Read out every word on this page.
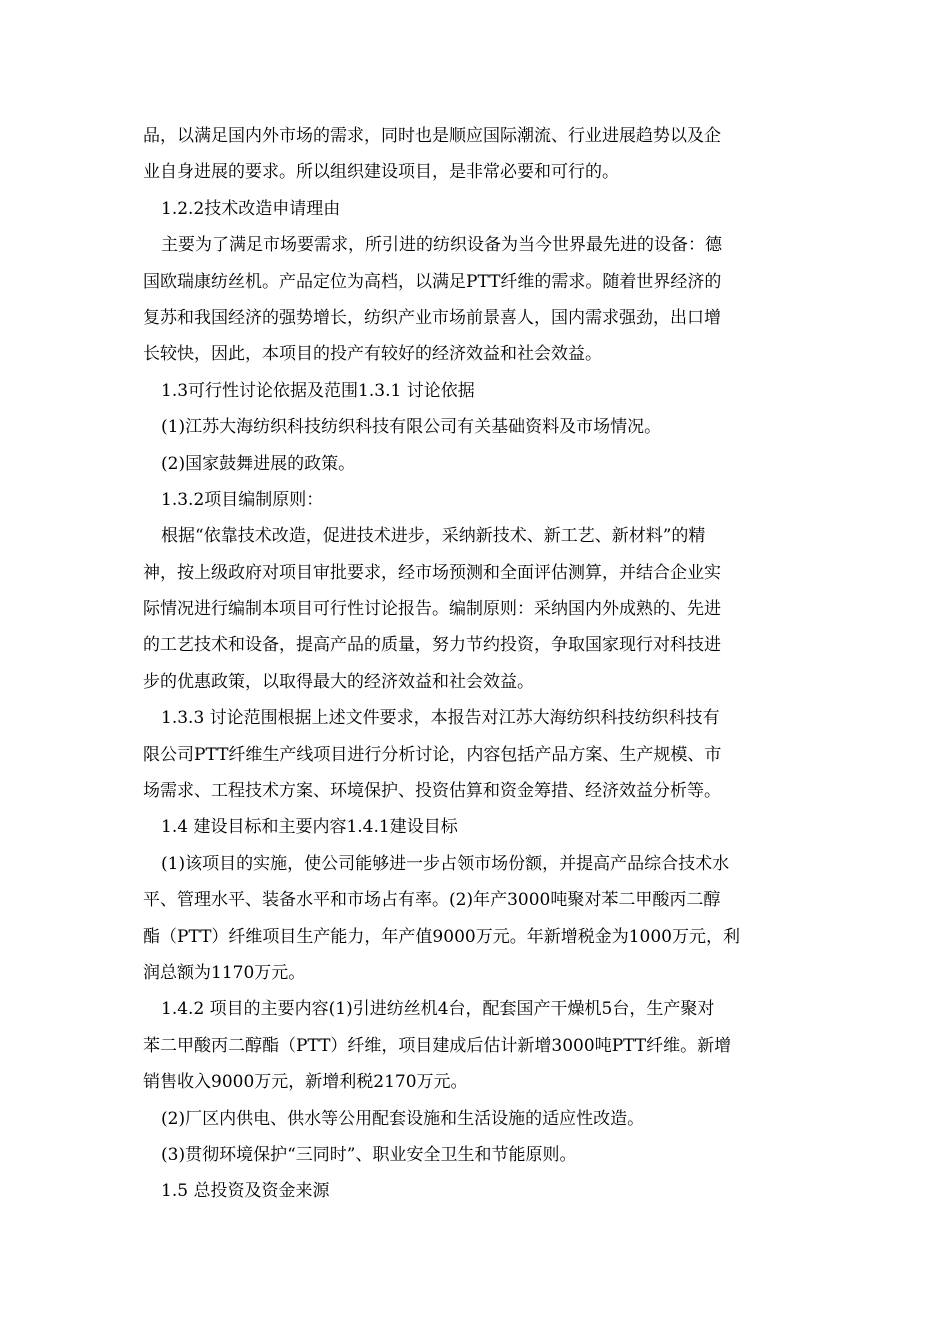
品，以满足国内外市场的需求，同时也是顺应国际潮流、行业进展趋势以及企
业自身进展的要求。所以组织建设项目，是非常必要和可行的。
1.2.2技术改造申请理由
主要为了满足市场要需求，所引进的纺织设备为当今世界最先进的设备：德
国欧瑞康纺丝机。产品定位为高档，以满足PTT纤维的需求。随着世界经济的
复苏和我国经济的强势增长，纺织产业市场前景喜人，国内需求强劲，出口增
长较快，因此，本项目的投产有较好的经济效益和社会效益。
1.3可行性讨论依据及范围1.3.1 讨论依据
(1)江苏大海纺织科技纺织科技有限公司有关基础资料及市场情况。
(2)国家鼓舞进展的政策。
1.3.2项目编制原则：
根据“依靠技术改造，促进技术进步，采纳新技术、新工艺、新材料”的精
神，按上级政府对项目审批要求，经市场预测和全面评估测算，并结合企业实
际情况进行编制本项目可行性讨论报告。编制原则：采纳国内外成熟的、先进
的工艺技术和设备，提高产品的质量，努力节约投资，争取国家现行对科技进
步的优惠政策，以取得最大的经济效益和社会效益。
1.3.3 讨论范围根据上述文件要求，本报告对江苏大海纺织科技纺织科技有
限公司PTT纤维生产线项目进行分析讨论，内容包括产品方案、生产规模、市
场需求、工程技术方案、环境保护、投资估算和资金筹措、经济效益分析等。
1.4 建设目标和主要内容1.4.1建设目标
(1)该项目的实施，使公司能够进一步占领市场份额，并提高产品综合技术水
平、管理水平、装备水平和市场占有率。(2)年产3000吨聚对苯二甲酸丙二醇
酯（PTT）纤维项目生产能力，年产值9000万元。年新增税金为1000万元，利
润总额为1170万元。
1.4.2 项目的主要内容(1)引进纺丝机4台，配套国产干燥机5台，生产聚对
苯二甲酸丙二醇酯（PTT）纤维，项目建成后估计新增3000吨PTT纤维。新增
销售收入9000万元，新增利税2170万元。
(2)厂区内供电、供水等公用配套设施和生活设施的适应性改造。
(3)贯彻环境保护“三同时”、职业安全卫生和节能原则。
1.5 总投资及资金来源
